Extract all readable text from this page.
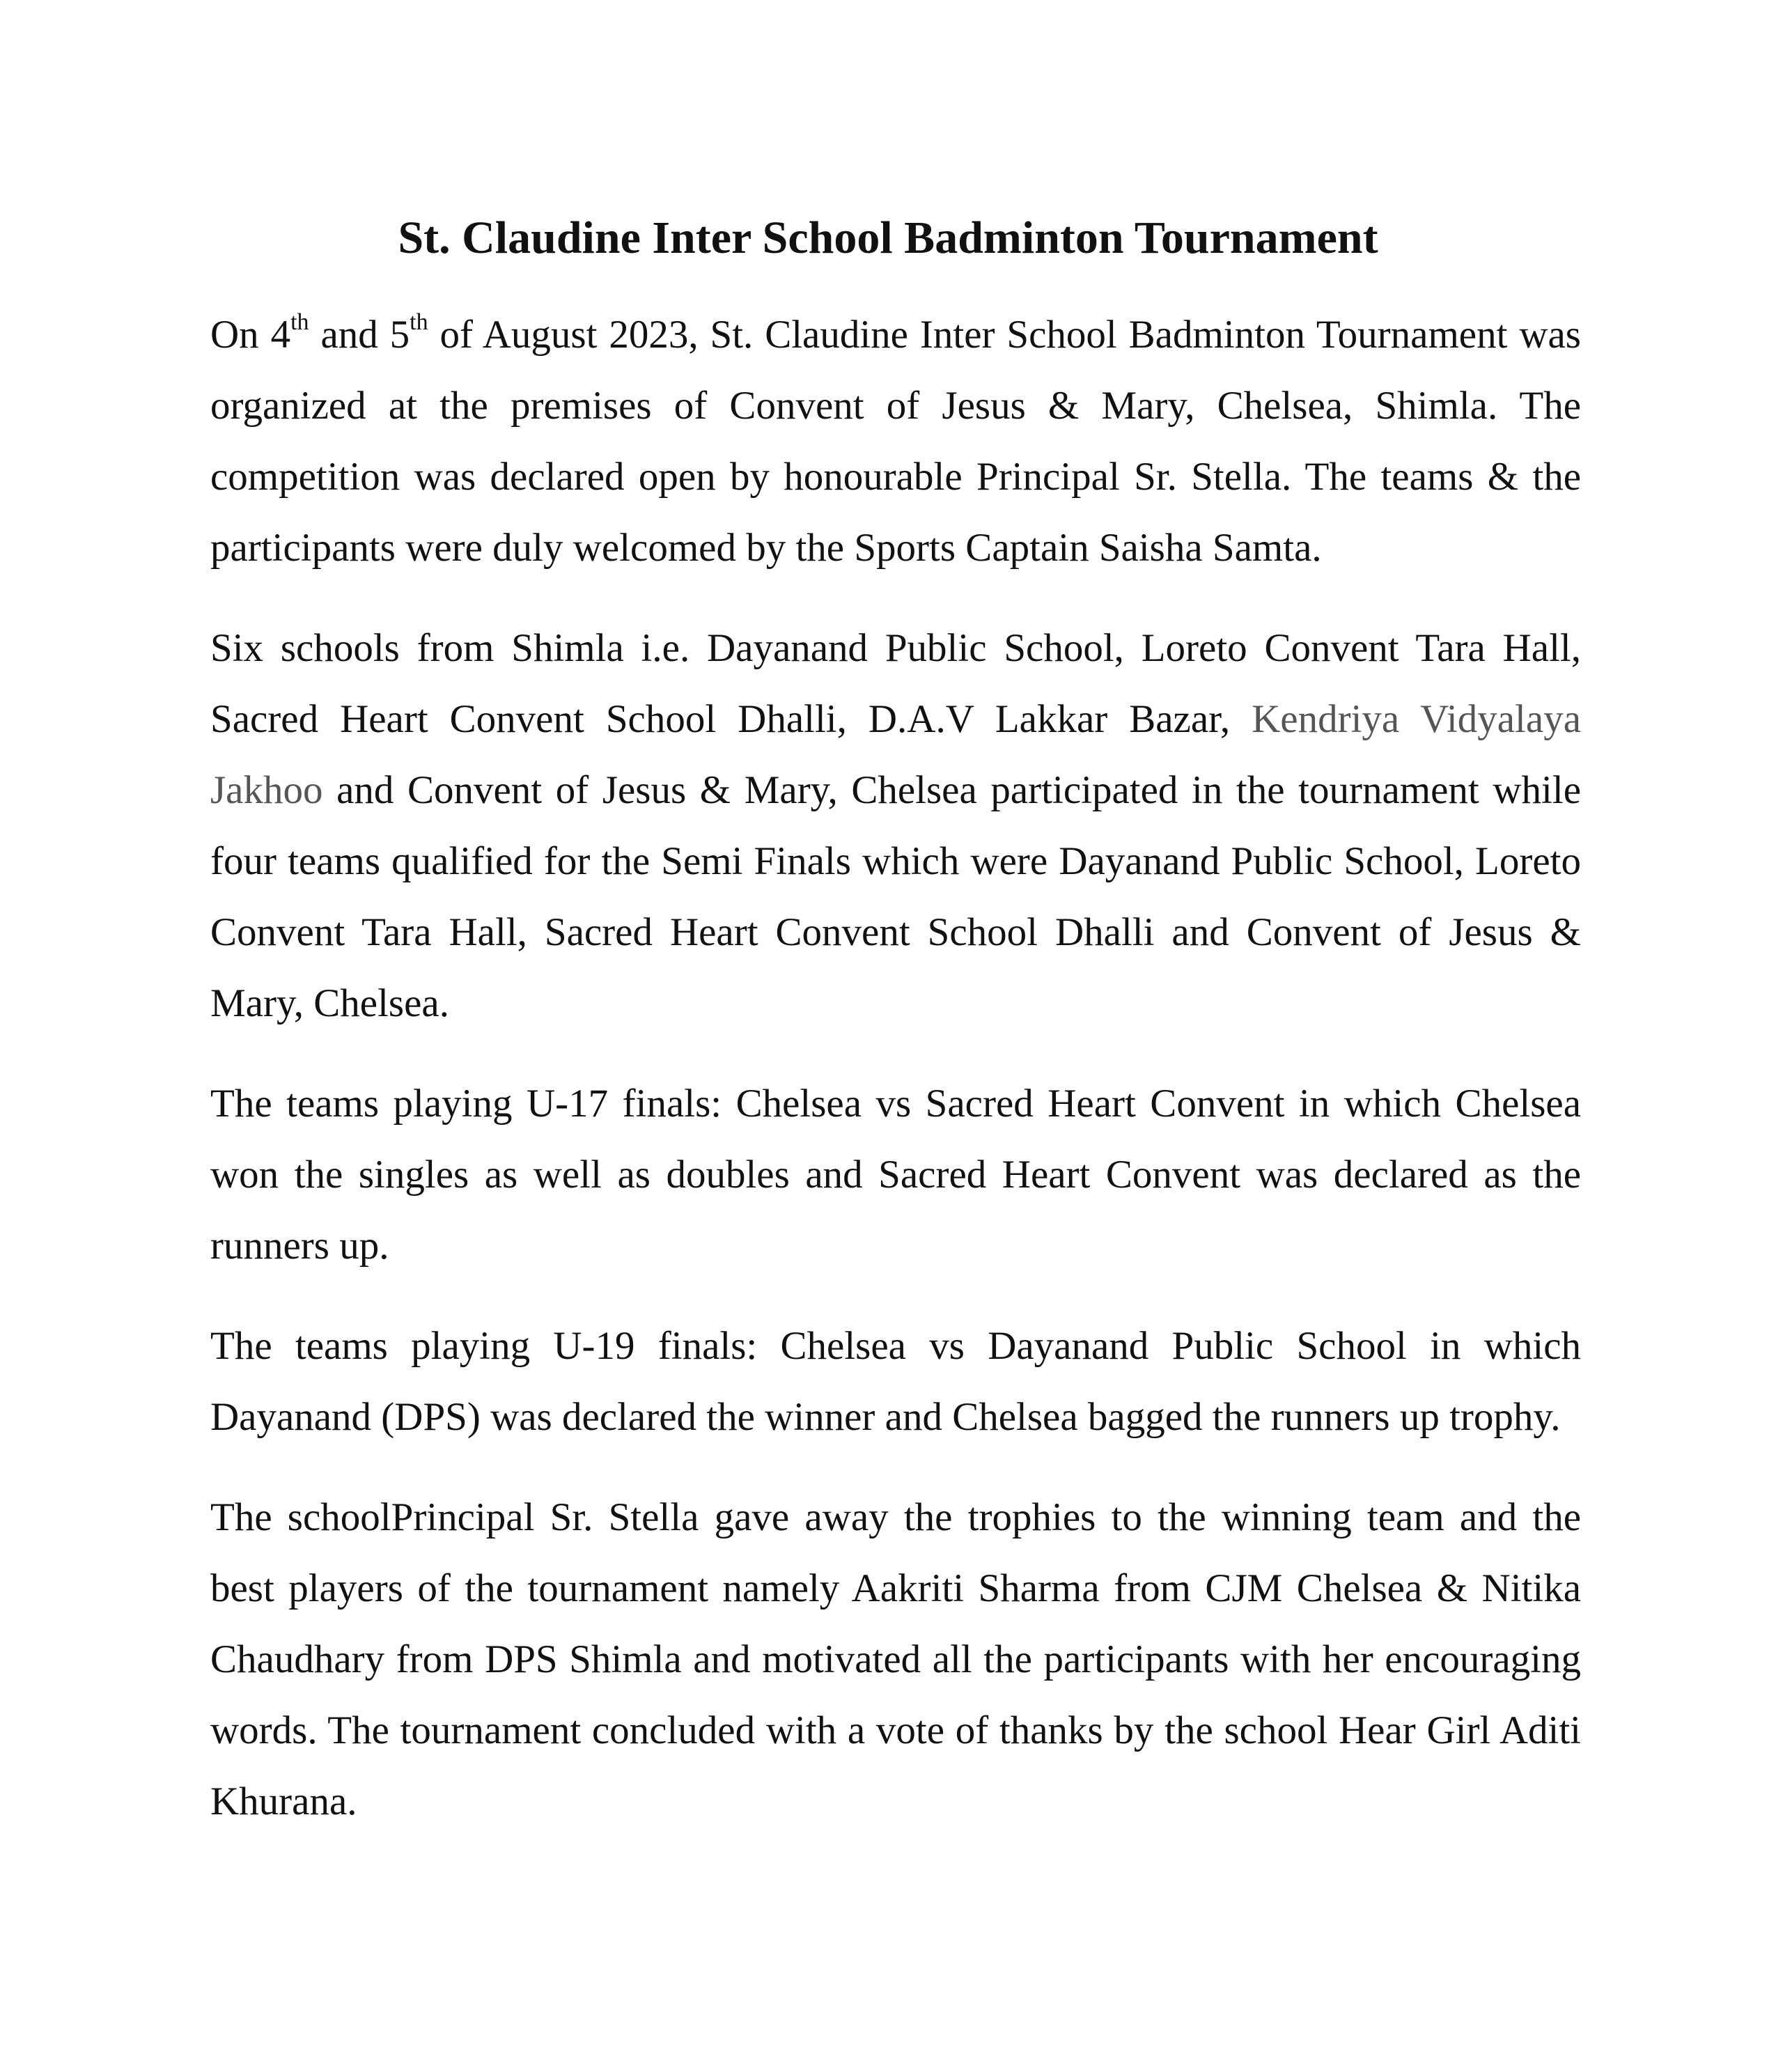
St. Claudine Inter School Badminton Tournament

On 4th and 5th of August 2023, St. Claudine Inter School Badminton Tournament was organized at the premises of Convent of Jesus & Mary, Chelsea, Shimla. The competition was declared open by honourable Principal Sr. Stella. The teams & the participants were duly welcomed by the Sports Captain Saisha Samta.

Six schools from Shimla i.e. Dayanand Public School, Loreto Convent Tara Hall, Sacred Heart Convent School Dhalli, D.A.V Lakkar Bazar, Kendriya Vidyalaya Jakhoo and Convent of Jesus & Mary, Chelsea participated in the tournament while four teams qualified for the Semi Finals which were Dayanand Public School, Loreto Convent Tara Hall, Sacred Heart Convent School Dhalli and Convent of Jesus & Mary, Chelsea.

The teams playing U-17 finals: Chelsea vs Sacred Heart Convent in which Chelsea won the singles as well as doubles and Sacred Heart Convent was declared as the runners up.

The teams playing U-19 finals: Chelsea vs Dayanand Public School in which Dayanand (DPS) was declared the winner and Chelsea bagged the runners up trophy.

The schoolPrincipal Sr. Stella gave away the trophies to the winning team and the best players of the tournament namely Aakriti Sharma from CJM Chelsea & Nitika Chaudhary from DPS Shimla and motivated all the participants with her encouraging words. The tournament concluded with a vote of thanks by the school Hear Girl Aditi Khurana.
